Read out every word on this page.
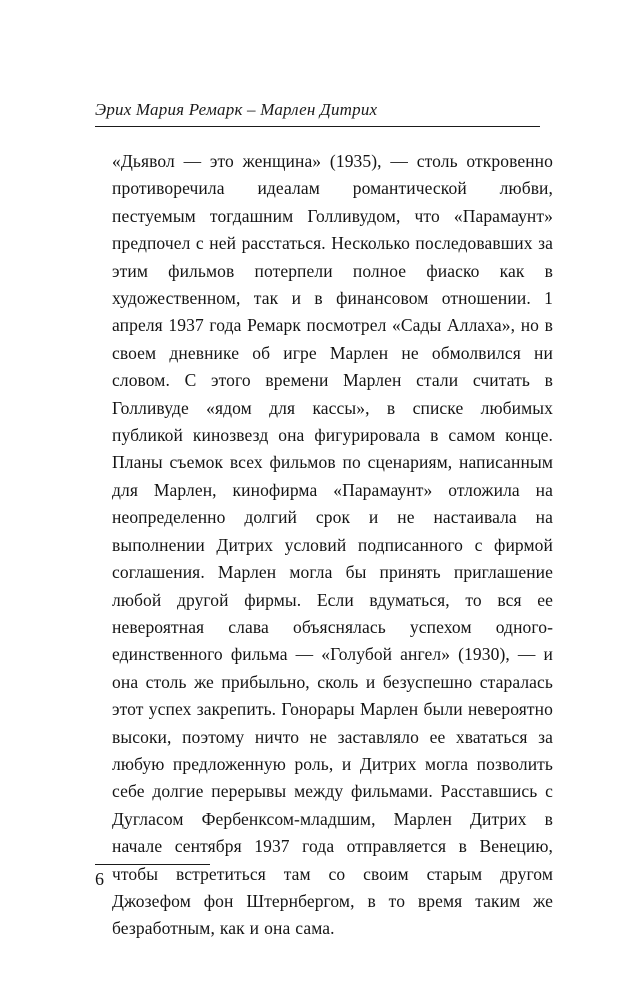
Эрих Мария Ремарк – Марлен Дитрих
«Дьявол — это женщина» (1935), — столь откровенно противоречила идеалам романтической любви, пестуемым тогдашним Голливудом, что «Парамаунт» предпочел с ней расстаться. Несколько последовавших за этим фильмов потерпели полное фиаско как в художественном, так и в финансовом отношении. 1 апреля 1937 года Ремарк посмотрел «Сады Аллаха», но в своем дневнике об игре Марлен не обмолвился ни словом. С этого времени Марлен стали считать в Голливуде «ядом для кассы», в списке любимых публикой кинозвезд она фигурировала в самом конце. Планы съемок всех фильмов по сценариям, написанным для Марлен, кинофирма «Парамаунт» отложила на неопределенно долгий срок и не настаивала на выполнении Дитрих условий подписанного с фирмой соглашения. Марлен могла бы принять приглашение любой другой фирмы. Если вдуматься, то вся ее невероятная слава объяснялась успехом одного-единственного фильма — «Голубой ангел» (1930), — и она столь же прибыльно, сколь и безуспешно старалась этот успех закрепить. Гонорары Марлен были невероятно высоки, поэтому ничто не заставляло ее хвататься за любую предложенную роль, и Дитрих могла позволить себе долгие перерывы между фильмами. Расставшись с Дугласом Фербенксом-младшим, Марлен Дитрих в начале сентября 1937 года отправляется в Венецию, чтобы встретиться там со своим старым другом Джозефом фон Штернбергом, в то время таким же безработным, как и она сама.
6
